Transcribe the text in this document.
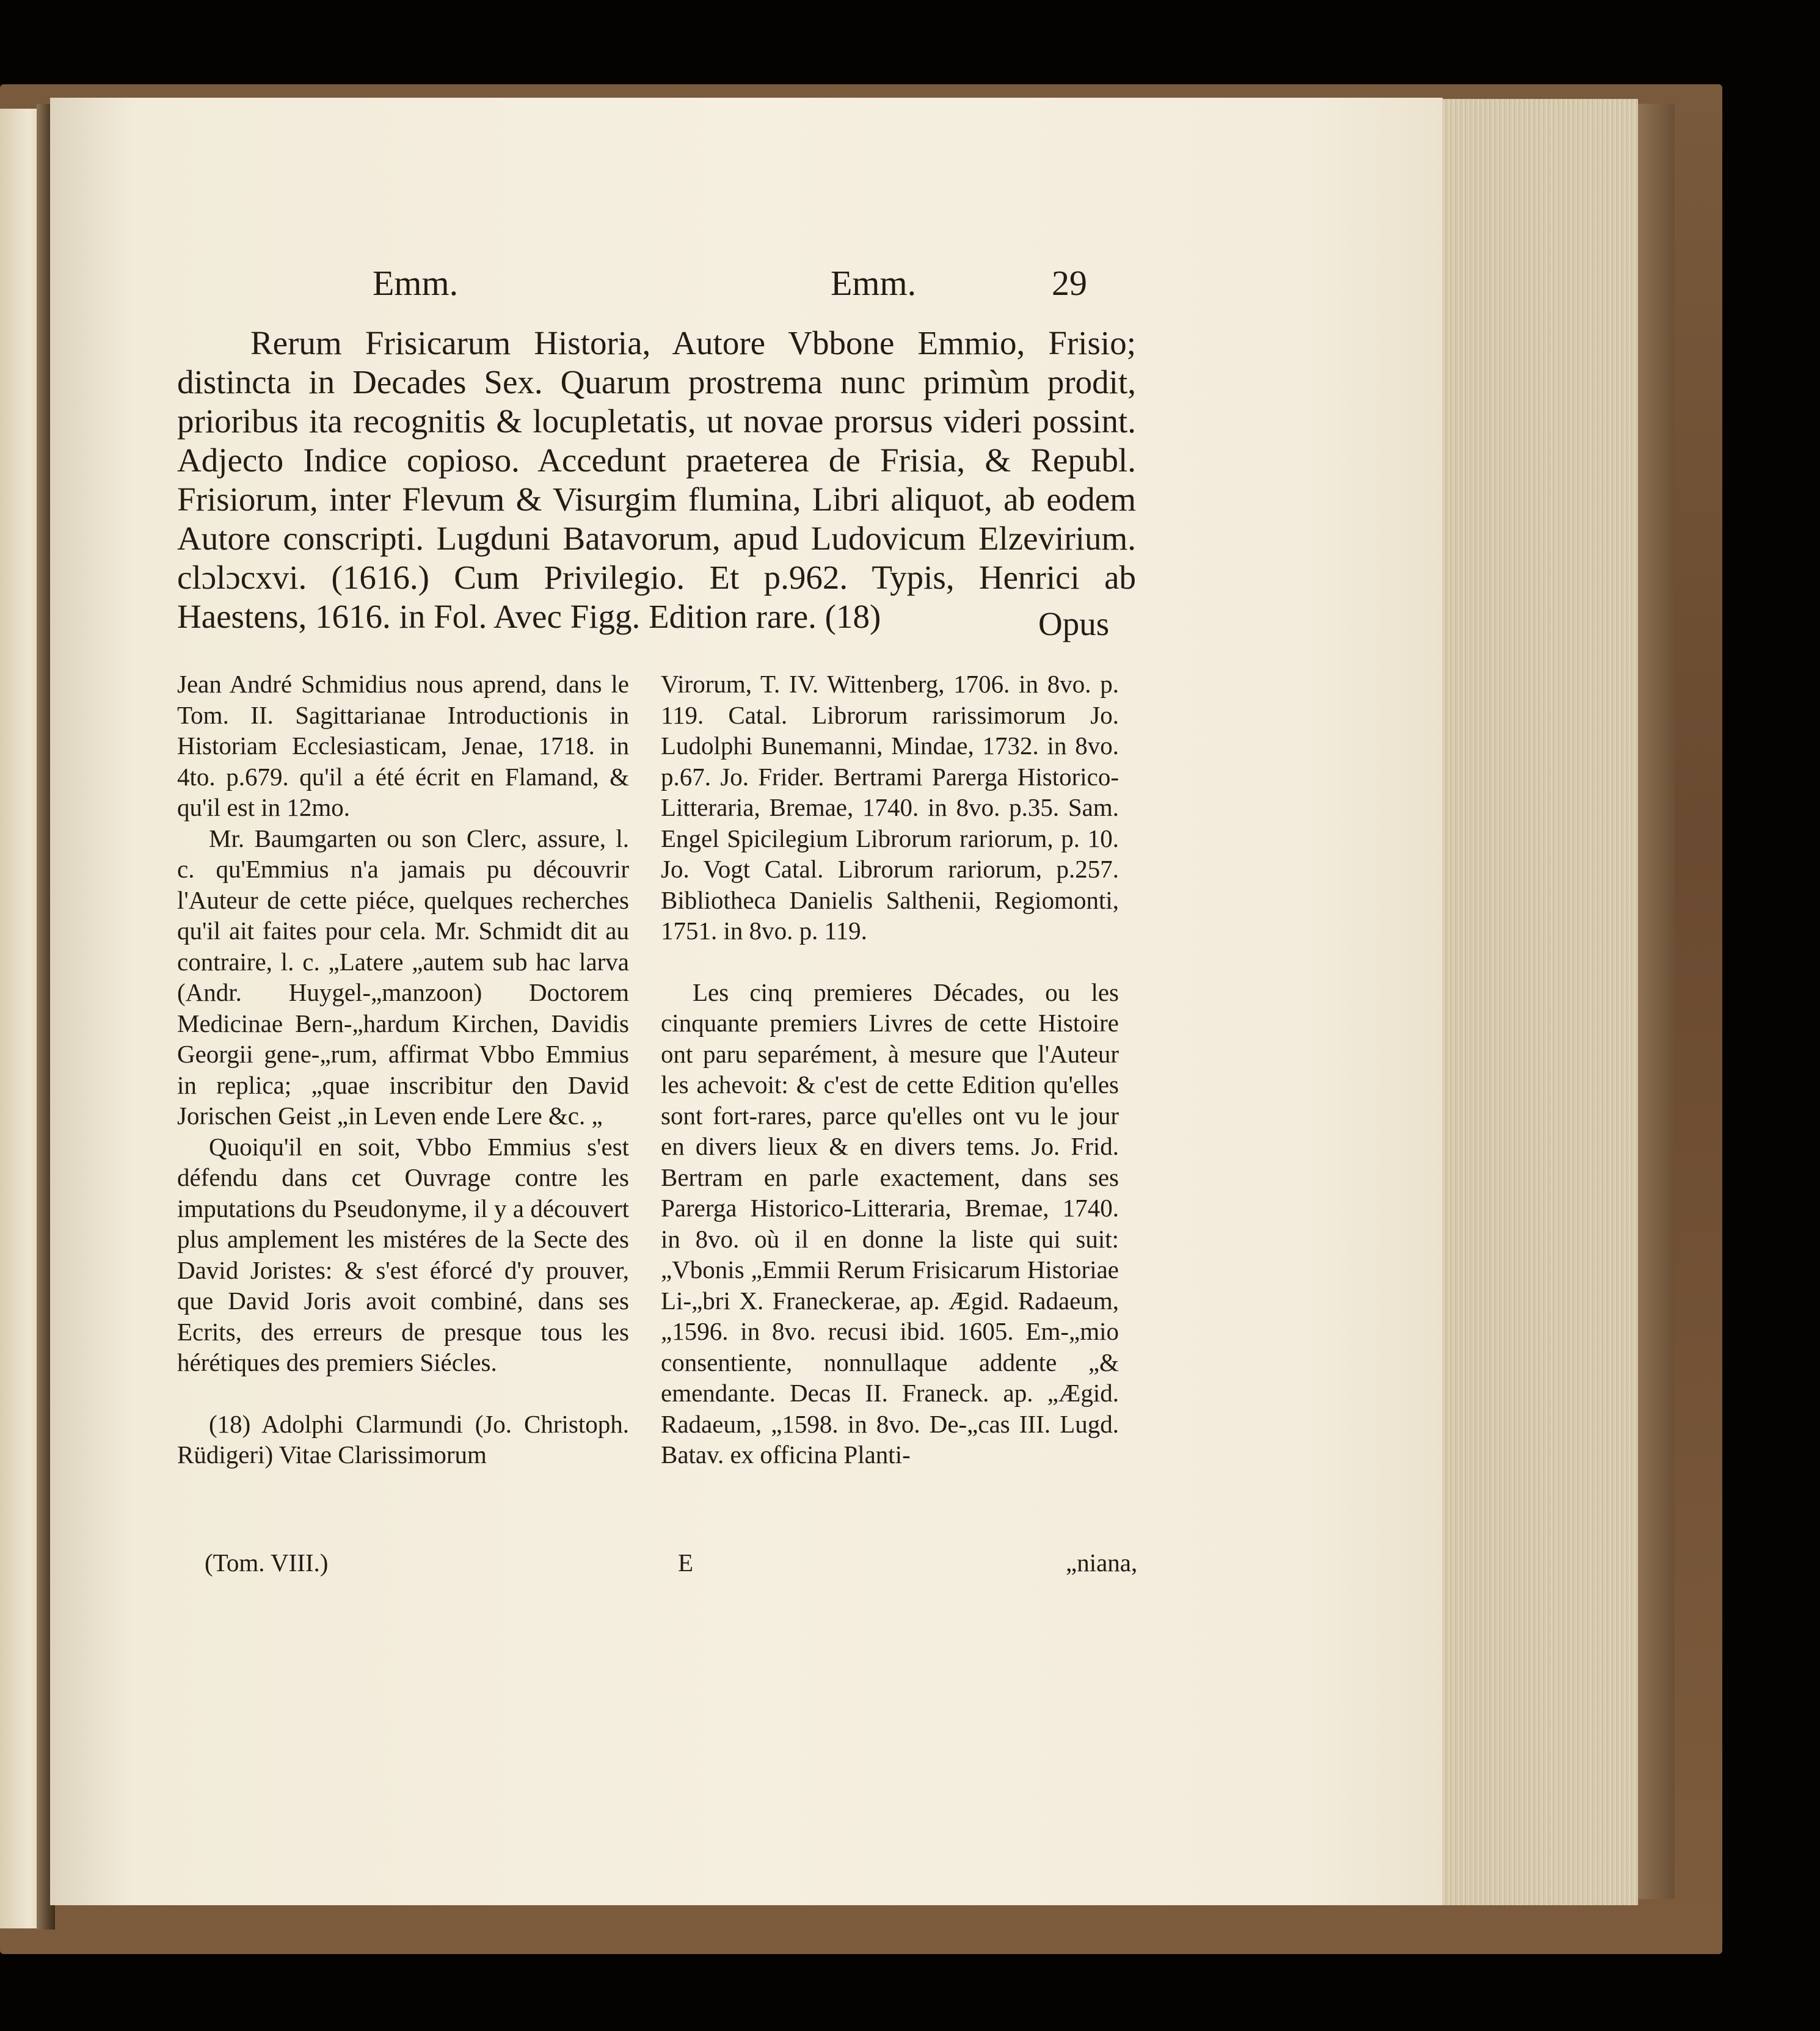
Emm.	Emm.	29
Rerum Frisicarum Historia, Autore Vbbone Emmio, Frisio; distincta in Decades Sex. Quarum prostrema nunc primùm prodit, prioribus ita recognitis & locupletatis, ut novae prorsus videri possint. Adjecto Indice copioso. Accedunt praeterea de Frisia, & Republ. Frisiorum, inter Flevum & Visurgim flumina, Libri aliquot, ab eodem Autore conscripti. Lugduni Batavorum, apud Ludovicum Elzevirium. clɔlɔcxvi. (1616.) Cum Privilegio. Et p.962. Typis, Henrici ab Haestens, 1616. in Fol. Avec Figg. Edition rare. (18)	Opus

Jean André Schmidius nous aprend, dans le Tom. II. Sagittarianae Introductionis in Historiam Ecclesiasticam, Jenae, 1718. in 4to. p.679. qu'il a été écrit en Flamand, & qu'il est in 12mo.

Mr. Baumgarten ou son Clerc, assure, l. c. qu'Emmius n'a jamais pu découvrir l'Auteur de cette piéce, quelques recherches qu'il ait faites pour cela. Mr. Schmidt dit au contraire, l. c. „Latere „autem sub hac larva (Andr. Huygel-„manzoon) Doctorem Medicinae Bern-„hardum Kirchen, Davidis Georgii gene-„rum, affirmat Vbbo Emmius in replica; „quae inscribitur den David Jorischen Geist „in Leven ende Lere &c. „

Quoiqu'il en soit, Vbbo Emmius s'est défendu dans cet Ouvrage contre les imputations du Pseudonyme, il y a découvert plus amplement les mistéres de la Secte des David Joristes: & s'est éforcé d'y prouver, que David Joris avoit combiné, dans ses Ecrits, des erreurs de presque tous les hérétiques des premiers Siécles.

(18) Adolphi Clarmundi (Jo. Christoph. Rüdigeri) Vitae Clarissimorum

(Tom. VIII.)

Virorum, T. IV. Wittenberg, 1706. in 8vo. p. 119. Catal. Librorum rarissimorum Jo. Ludolphi Bunemanni, Mindae, 1732. in 8vo. p.67. Jo. Frider. Bertrami Parerga Historico-Litteraria, Bremae, 1740. in 8vo. p.35. Sam. Engel Spicilegium Librorum rariorum, p. 10. Jo. Vogt Catal. Librorum rariorum, p.257. Bibliotheca Danielis Salthenii, Regiomonti, 1751. in 8vo. p. 119.

Les cinq premieres Décades, ou les cinquante premiers Livres de cette Histoire ont paru separément, à mesure que l'Auteur les achevoit: & c'est de cette Edition qu'elles sont fort-rares, parce qu'elles ont vu le jour en divers lieux & en divers tems. Jo. Frid. Bertram en parle exactement, dans ses Parerga Historico-Litteraria, Bremae, 1740. in 8vo. où il en donne la liste qui suit: „Vbonis „Emmii Rerum Frisicarum Historiae Li-„bri X. Franeckerae, ap. Ægid. Radaeum, „1596. in 8vo. recusi ibid. 1605. Em-„mio consentiente, nonnullaque addente „& emendante. Decas II. Franeck. ap. „Ægid. Radaeum, „1598. in 8vo. De-„cas III. Lugd. Batav. ex officina Planti-

E	„niana,
